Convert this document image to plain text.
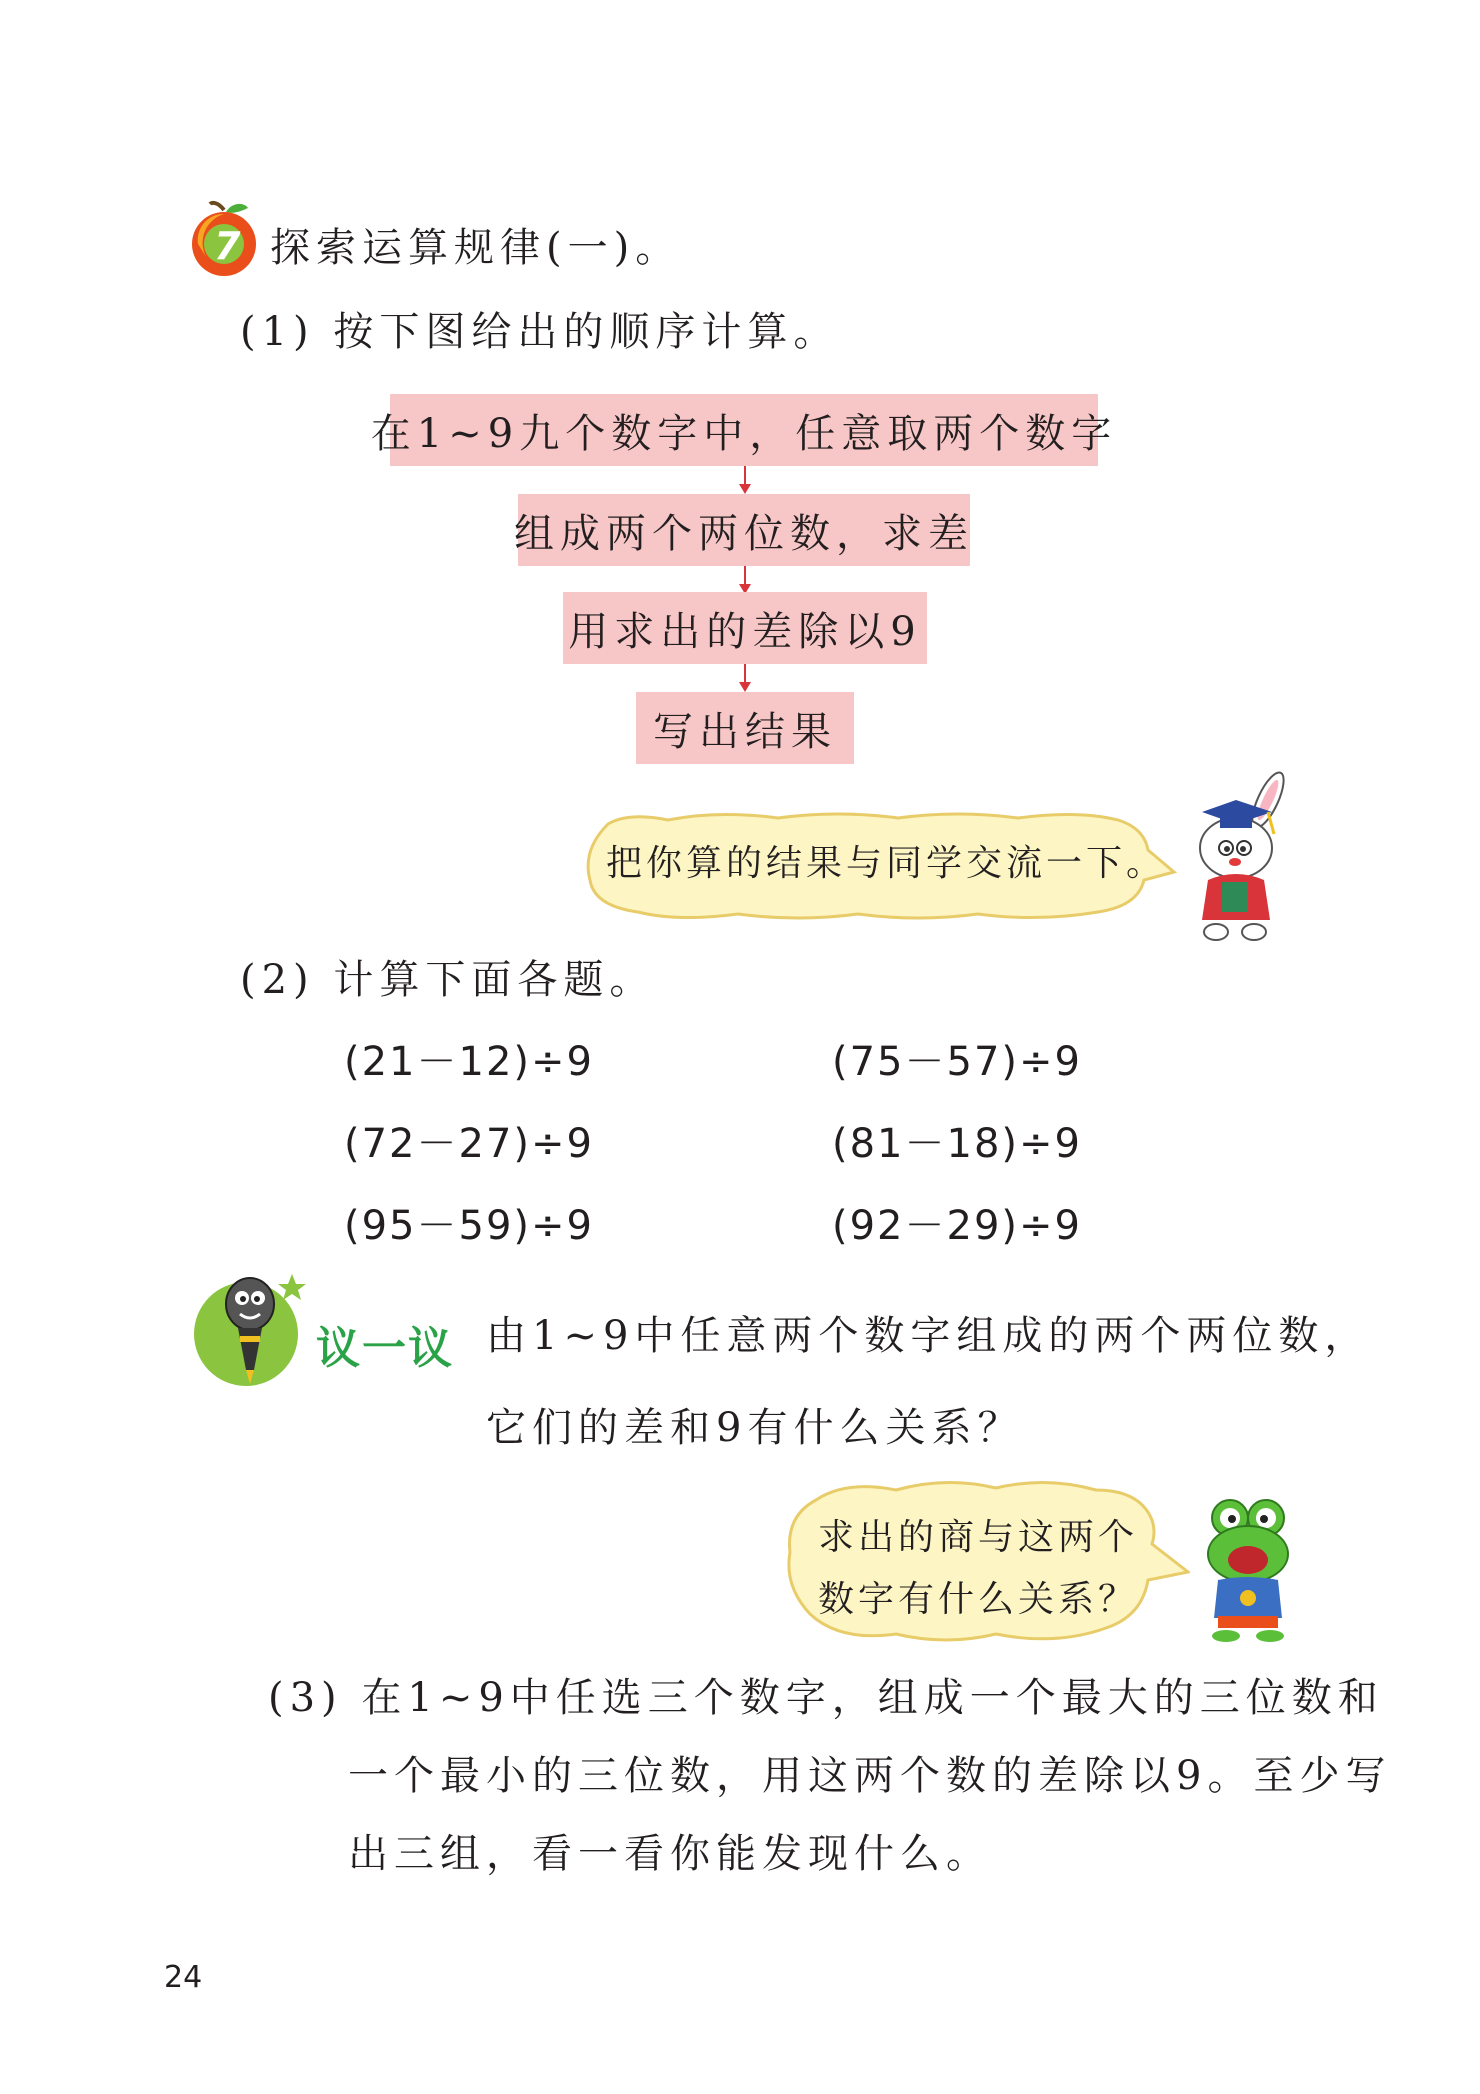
7 探索运算规律(一)。
(1) 按下图给出的顺序计算。
在1~9九个数字中，任意取两个数字
组成两个两位数，求差
用求出的差除以9
写出结果
把你算的结果与同学交流一下。
(2) 计算下面各题。
(21－12)÷9	(75－57)÷9
(72－27)÷9	(81－18)÷9
(95－59)÷9	(92－29)÷9
议一议 由1~9中任意两个数字组成的两个两位数，
它们的差和9有什么关系？
求出的商与这两个
数字有什么关系？
(3) 在1~9中任选三个数字，组成一个最大的三位数和
一个最小的三位数，用这两个数的差除以9。至少写
出三组，看一看你能发现什么。
24
